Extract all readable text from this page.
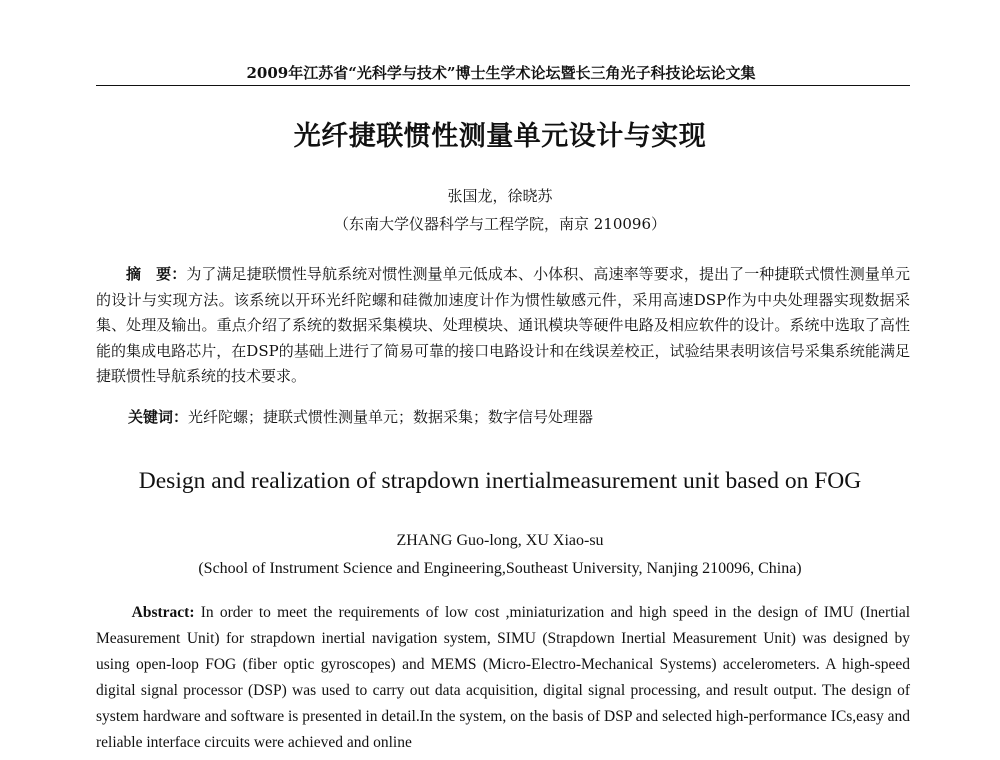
2009年江苏省“光科学与技术”博士生学术论坛暨长三角光子科技论坛论文集
光纤捷联惯性测量单元设计与实现
张国龙，徐晓苏
（东南大学仪器科学与工程学院，南京 210096）
摘　要：为了满足捷联惯性导航系统对惯性测量单元低成本、小体积、高速率等要求，提出了一种捷联式惯性测量单元的设计与实现方法。该系统以开环光纤陀螺和硅微加速度计作为惯性敏感元件，采用高速DSP作为中央处理器实现数据采集、处理及输出。重点介绍了系统的数据采集模块、处理模块、通讯模块等硬件电路及相应软件的设计。系统中选取了高性能的集成电路芯片，在DSP的基础上进行了简易可靠的接口电路设计和在线误差校正，试验结果表明该信号采集系统能满足捷联惯性导航系统的技术要求。
关键词：光纤陀螺；捷联式惯性测量单元；数据采集；数字信号处理器
Design and realization of strapdown inertialmeasurement unit based on FOG
ZHANG Guo-long, XU Xiao-su
(School of Instrument Science and Engineering,Southeast University, Nanjing 210096, China)
Abstract: In order to meet the requirements of low cost ,miniaturization and high speed in the design of IMU (Inertial Measurement Unit) for strapdown inertial navigation system, SIMU (Strapdown Inertial Measurement Unit) was designed by using open-loop FOG (fiber optic gyroscopes) and MEMS (Micro-Electro-Mechanical Systems) accelerometers. A high-speed digital signal processor (DSP) was used to carry out data acquisition, digital signal processing, and result output. The design of system hardware and software is presented in detail.In the system, on the basis of DSP and selected high-performance ICs,easy and reliable interface circuits were achieved and online
